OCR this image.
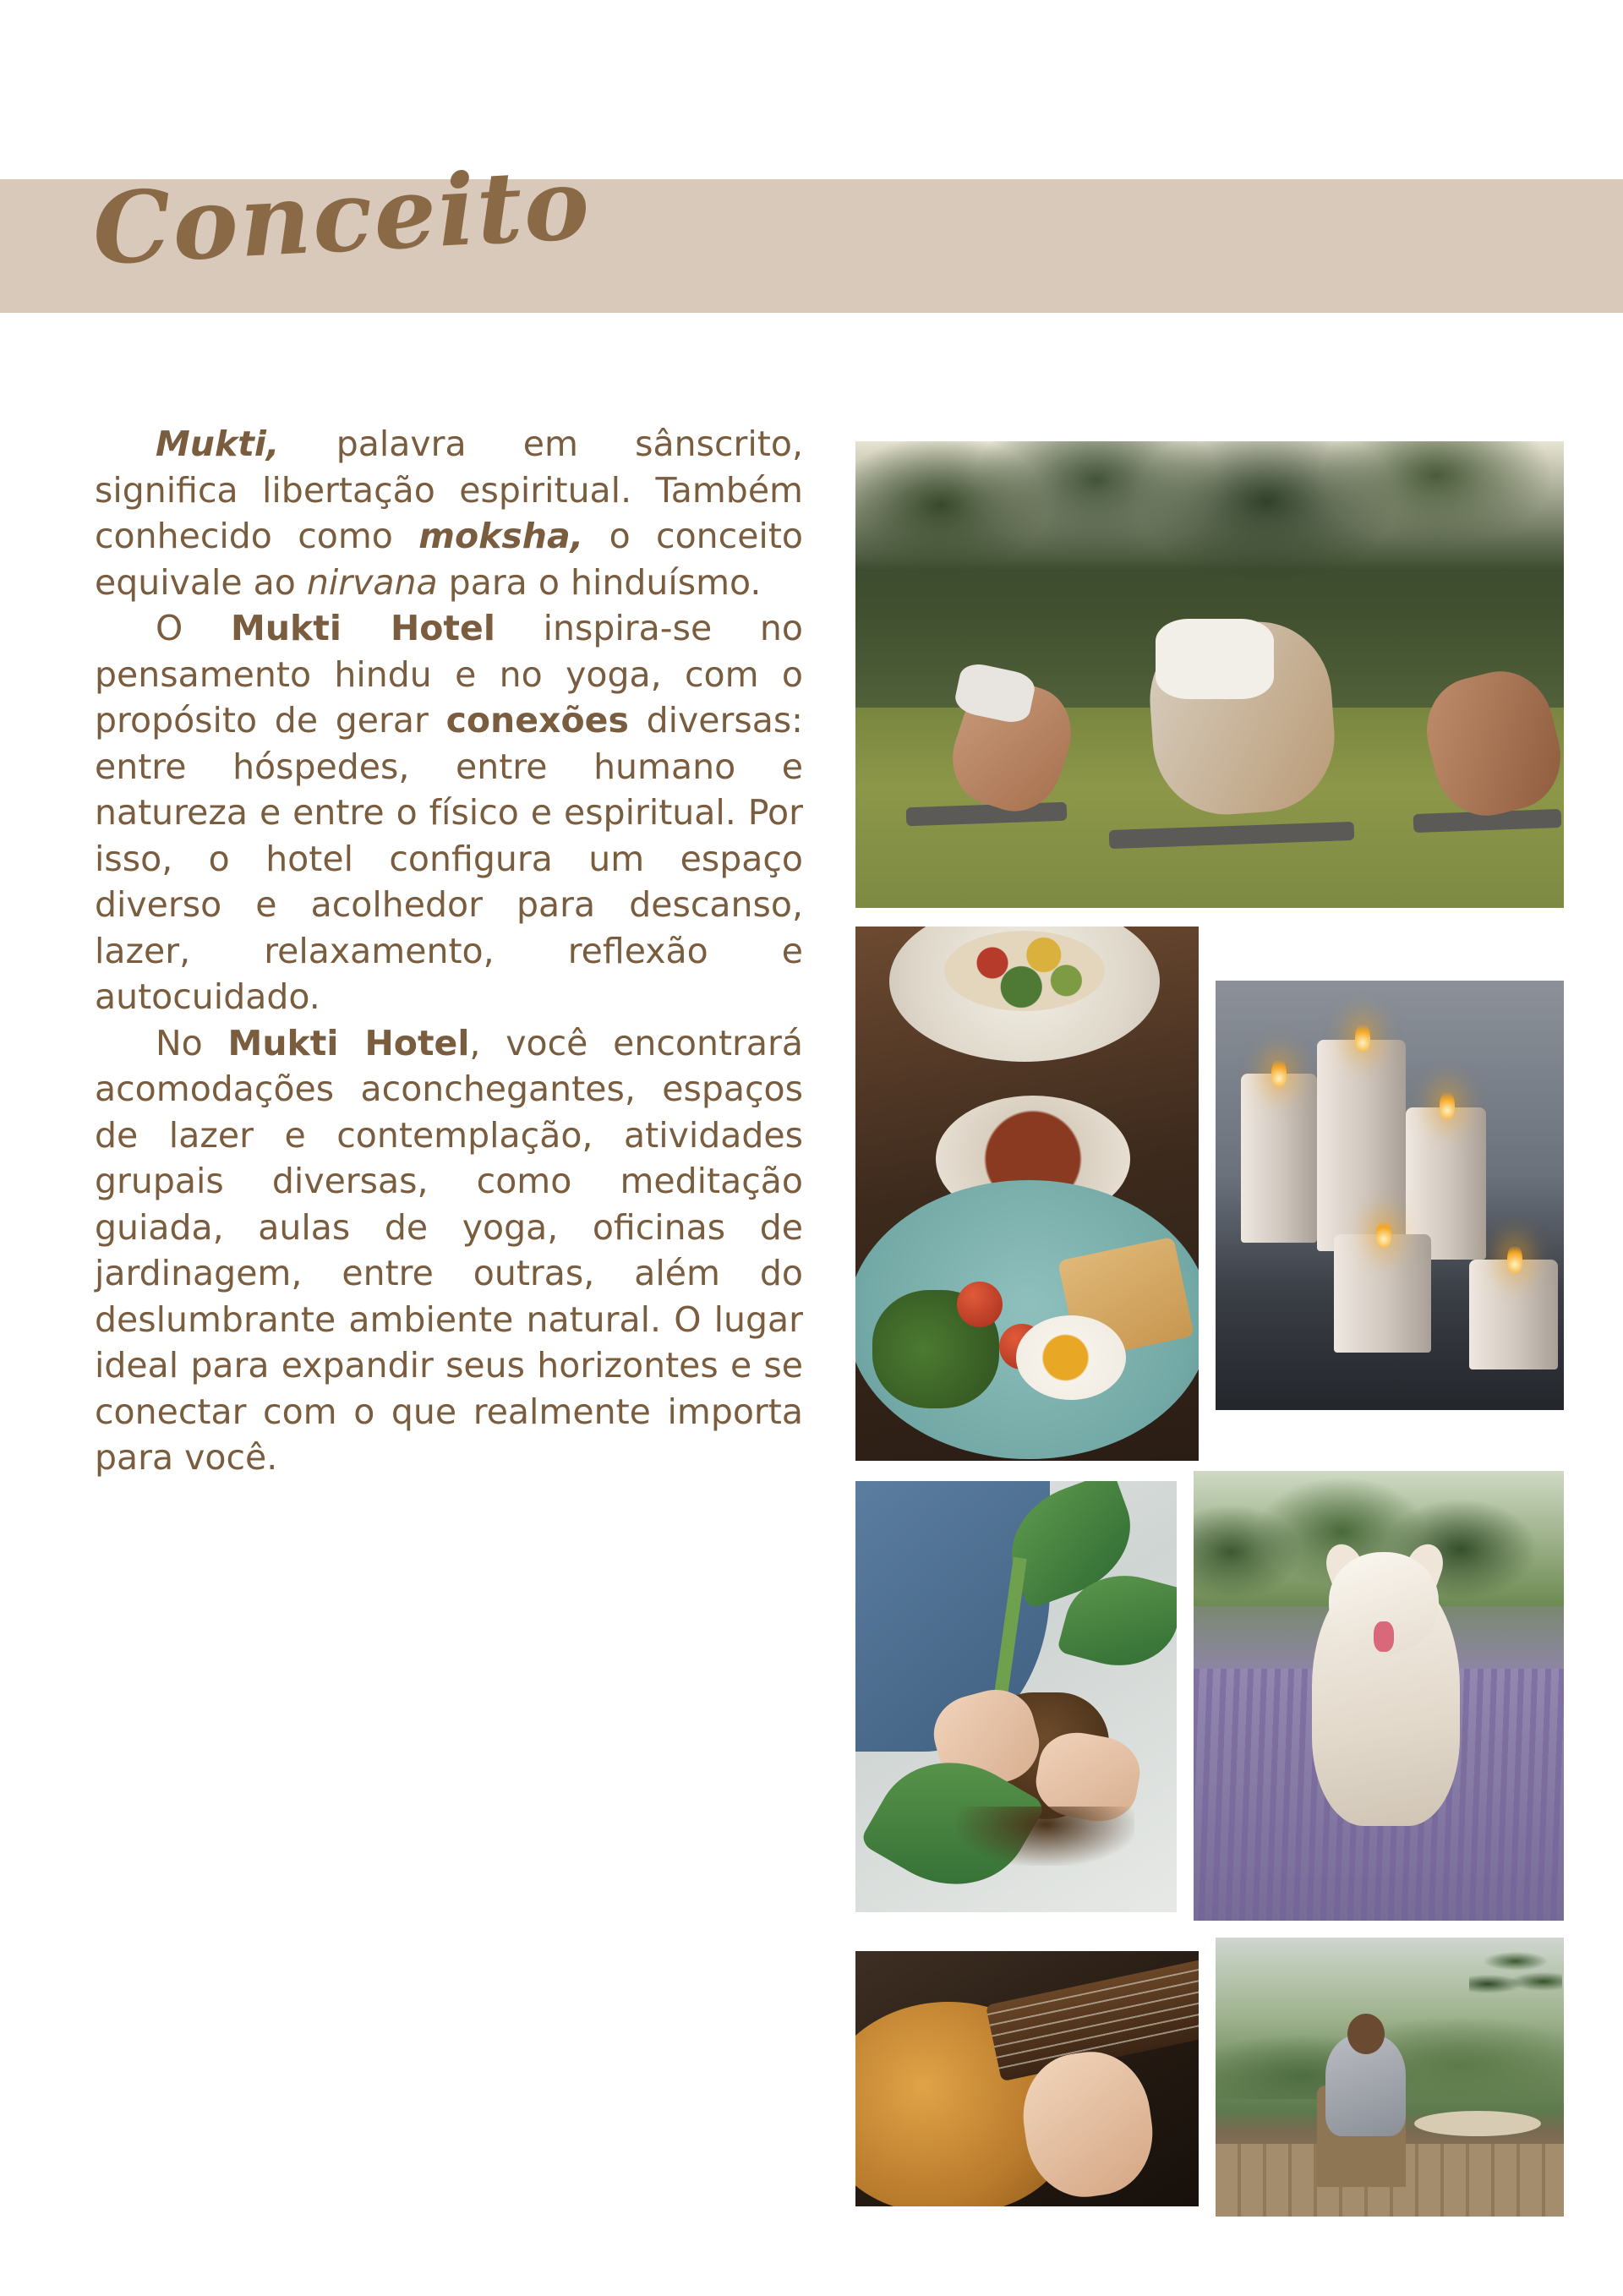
Conceito

Mukti, palavra em sânscrito, significa libertação espiritual. Também conhecido como moksha, o conceito equivale ao nirvana para o hinduísmo.

O Mukti Hotel inspira-se no pensamento hindu e no yoga, com o propósito de gerar conexões diversas: entre hóspedes, entre humano e natureza e entre o físico e espiritual. Por isso, o hotel configura um espaço diverso e acolhedor para descanso, lazer, relaxamento, reflexão e autocuidado.

No Mukti Hotel, você encontrará acomodações aconchegantes, espaços de lazer e contemplação, atividades grupais diversas, como meditação guiada, aulas de yoga, oficinas de jardinagem, entre outras, além do deslumbrante ambiente natural. O lugar ideal para expandir seus horizontes e se conectar com o que realmente importa para você.
